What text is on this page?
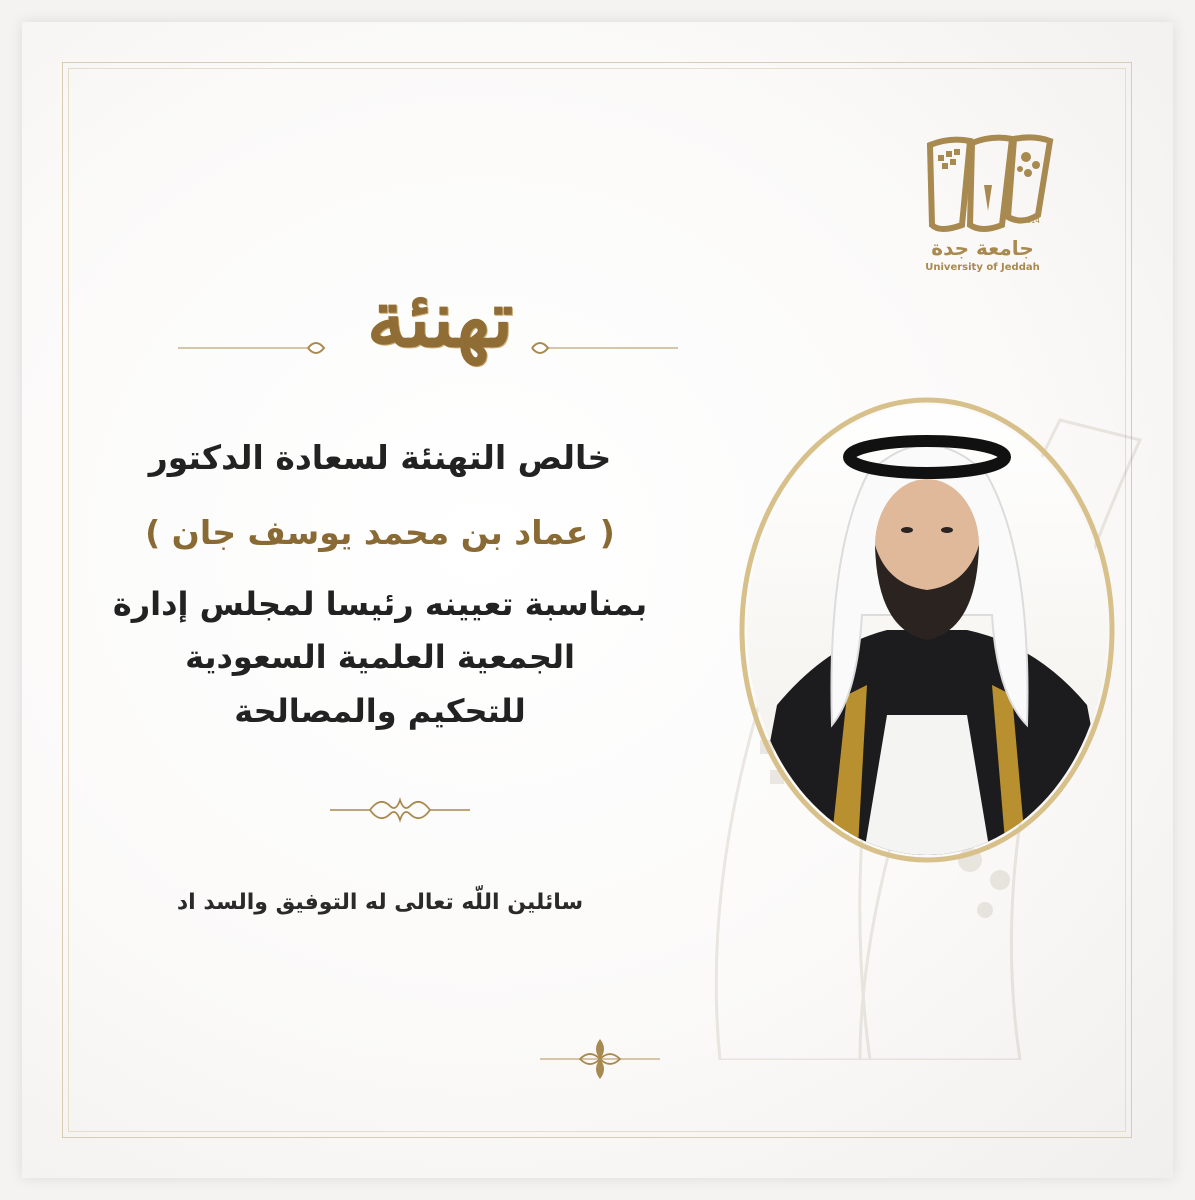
2014
جامعة جدة
University of Jeddah
تهنئة
خالص التهنئة لسعادة الدكتور
( عماد بن محمد يوسف جان )
بمناسبة تعيينه رئيسا لمجلس إدارة
الجمعية العلمية السعودية
للتحكيم والمصالحة
سائلين اللّه تعالى له التوفيق والسد اد
